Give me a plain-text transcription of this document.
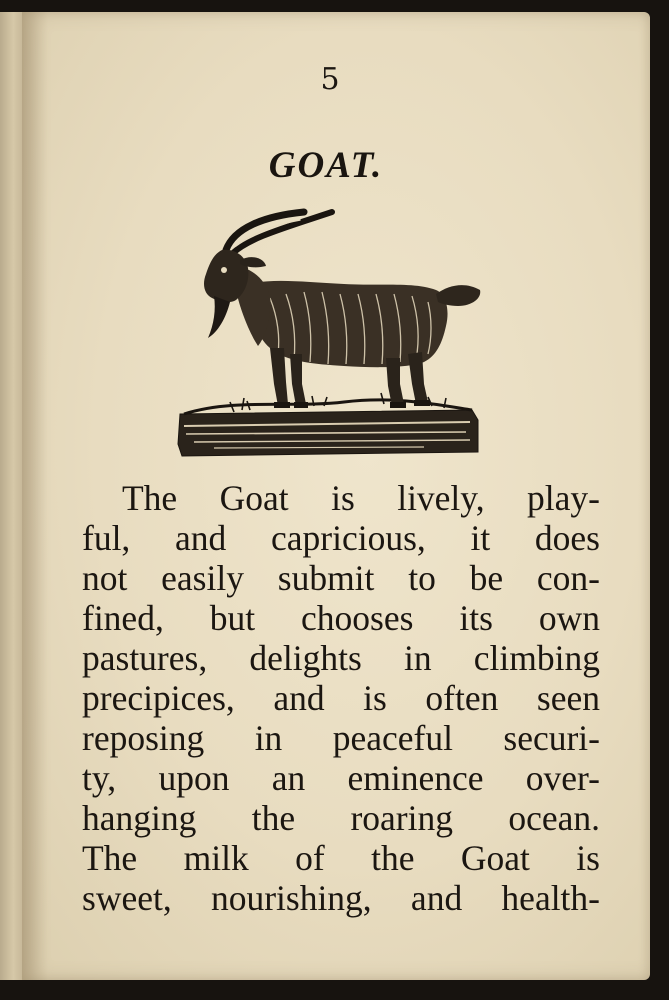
5
GOAT.
The Goat is lively, play-
ful, and capricious, it does
not easily submit to be con-
fined, but chooses its own
pastures, delights in climbing
precipices, and is often seen
reposing in peaceful securi-
ty, upon an eminence over-
hanging the roaring ocean.
The milk of the Goat is
sweet, nourishing, and health-
